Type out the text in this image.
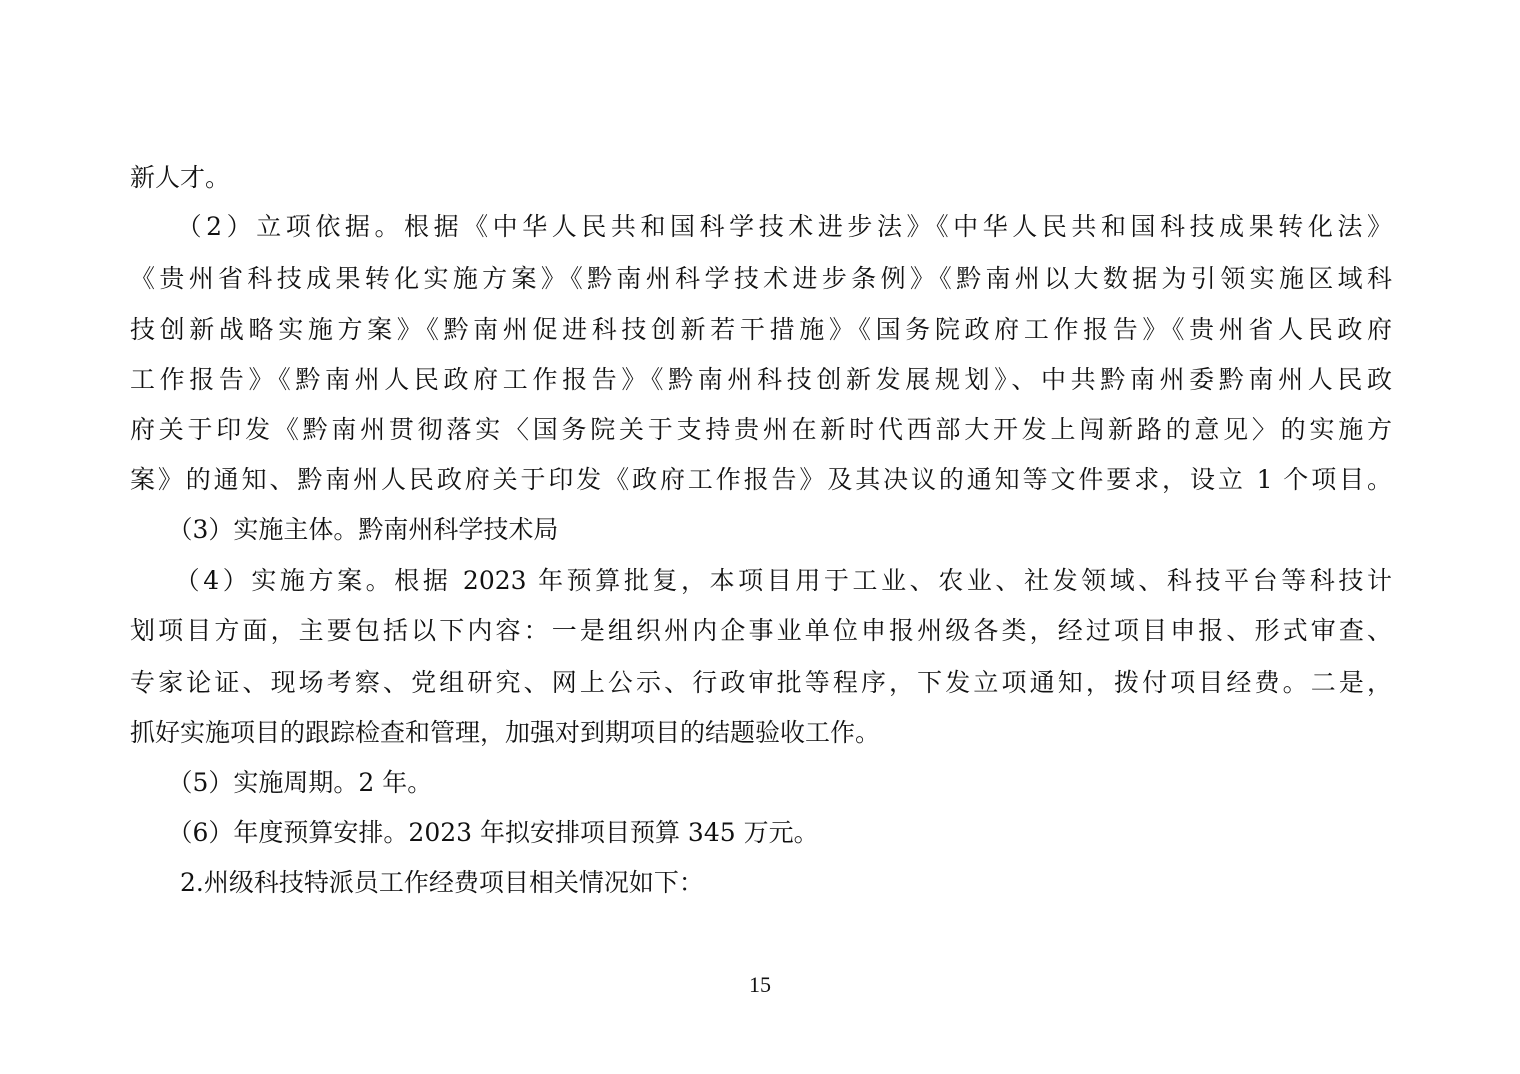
新人才。
　　（2）立项依据。根据《中华人民共和国科学技术进步法》《中华人民共和国科技成果转化法》
《贵州省科技成果转化实施方案》《黔南州科学技术进步条例》《黔南州以大数据为引领实施区域科
技创新战略实施方案》《黔南州促进科技创新若干措施》《国务院政府工作报告》《贵州省人民政府
工作报告》《黔南州人民政府工作报告》《黔南州科技创新发展规划》、中共黔南州委黔南州人民政
府关于印发《黔南州贯彻落实〈国务院关于支持贵州在新时代西部大开发上闯新路的意见〉的实施方
案》的通知、黔南州人民政府关于印发《政府工作报告》及其决议的通知等文件要求，设立 1 个项目。
　　（3）实施主体。黔南州科学技术局
　　（4）实施方案。根据 2023 年预算批复，本项目用于工业、农业、社发领域、科技平台等科技计
划项目方面，主要包括以下内容：一是组织州内企事业单位申报州级各类，经过项目申报、形式审查、
专家论证、现场考察、党组研究、网上公示、行政审批等程序，下发立项通知，拨付项目经费。二是，
抓好实施项目的跟踪检查和管理，加强对到期项目的结题验收工作。
　　（5）实施周期。2 年。
　　（6）年度预算安排。2023 年拟安排项目预算 345 万元。
　　2.州级科技特派员工作经费项目相关情况如下：
15
